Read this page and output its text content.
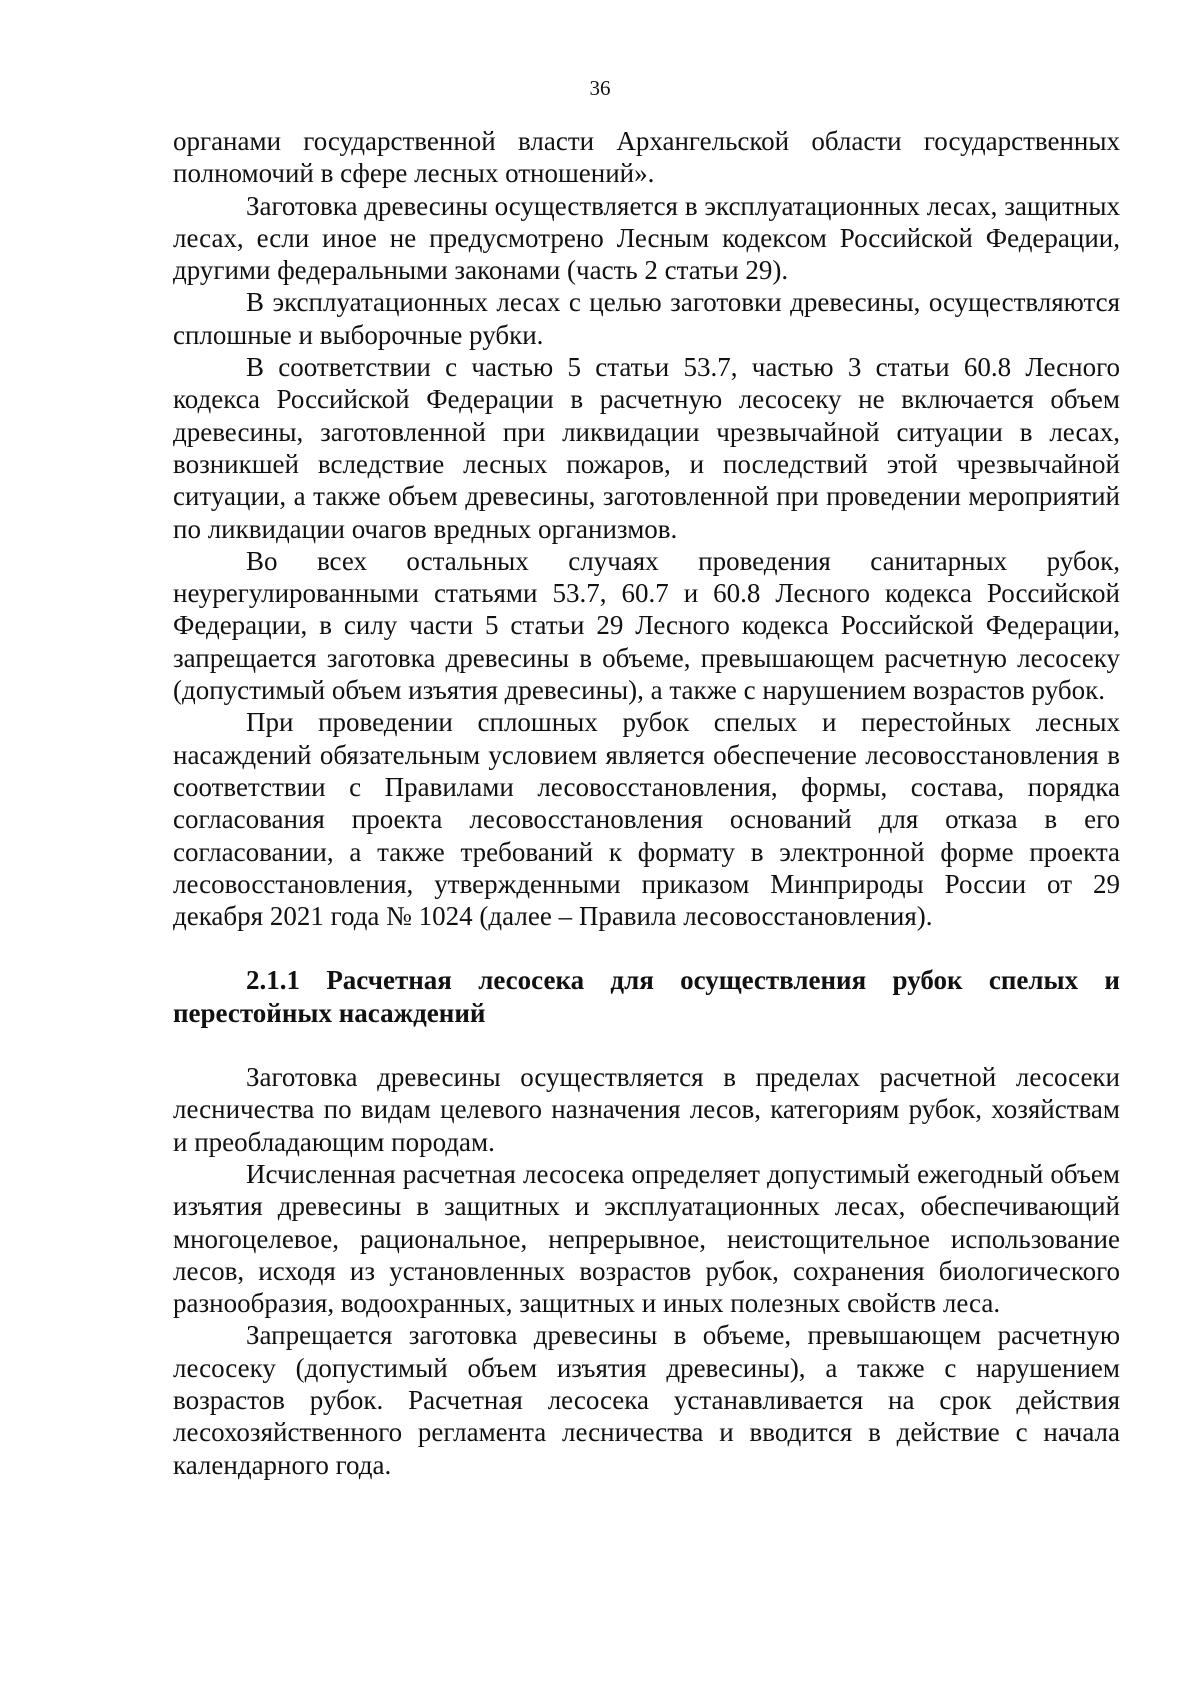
36

органами государственной власти Архангельской области государственных полномочий в сфере лесных отношений».

Заготовка древесины осуществляется в эксплуатационных лесах, защитных лесах, если иное не предусмотрено Лесным кодексом Российской Федерации, другими федеральными законами (часть 2 статьи 29).

В эксплуатационных лесах с целью заготовки древесины, осуществляются сплошные и выборочные рубки.

В соответствии с частью 5 статьи 53.7, частью 3 статьи 60.8 Лесного кодекса Российской Федерации в расчетную лесосеку не включается объем древесины, заготовленной при ликвидации чрезвычайной ситуации в лесах, возникшей вследствие лесных пожаров, и последствий этой чрезвычайной ситуации, а также объем древесины, заготовленной при проведении мероприятий по ликвидации очагов вредных организмов.

Во всех остальных случаях проведения санитарных рубок, неурегулированными статьями 53.7, 60.7 и 60.8 Лесного кодекса Российской Федерации, в силу части 5 статьи 29 Лесного кодекса Российской Федерации, запрещается заготовка древесины в объеме, превышающем расчетную лесосеку (допустимый объем изъятия древесины), а также с нарушением возрастов рубок.

При проведении сплошных рубок спелых и перестойных лесных насаждений обязательным условием является обеспечение лесовосстановления в соответствии с Правилами лесовосстановления, формы, состава, порядка согласования проекта лесовосстановления оснований для отказа в его согласовании, а также требований к формату в электронной форме проекта лесовосстановления, утвержденными приказом Минприроды России от 29 декабря 2021 года № 1024 (далее – Правила лесовосстановления).

2.1.1 Расчетная лесосека для осуществления рубок спелых и перестойных насаждений

Заготовка древесины осуществляется в пределах расчетной лесосеки лесничества по видам целевого назначения лесов, категориям рубок, хозяйствам и преобладающим породам.

Исчисленная расчетная лесосека определяет допустимый ежегодный объем изъятия древесины в защитных и эксплуатационных лесах, обеспечивающий многоцелевое, рациональное, непрерывное, неистощительное использование лесов, исходя из установленных возрастов рубок, сохранения биологического разнообразия, водоохранных, защитных и иных полезных свойств леса.

Запрещается заготовка древесины в объеме, превышающем расчетную лесосеку (допустимый объем изъятия древесины), а также с нарушением возрастов рубок. Расчетная лесосека устанавливается на срок действия лесохозяйственного регламента лесничества и вводится в действие с начала календарного года.
